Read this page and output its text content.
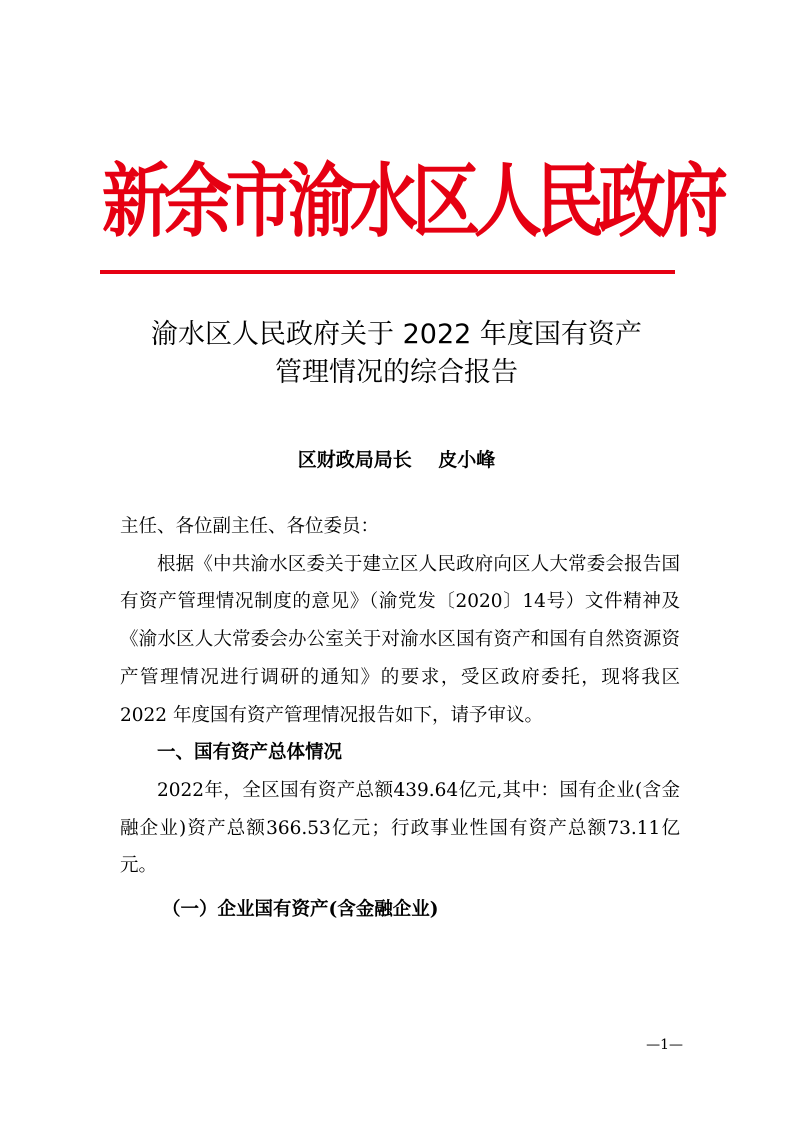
新余市渝水区人民政府
渝水区人民政府关于 2022 年度国有资产
管理情况的综合报告
区财政局局长    皮小峰

主任、各位副主任、各位委员：

根据《中共渝水区委关于建立区人民政府向区人大常委会报告国有资产管理情况制度的意见》（渝党发〔2020〕14号）文件精神及《渝水区人大常委会办公室关于对渝水区国有资产和国有自然资源资产管理情况进行调研的通知》的要求，受区政府委托，现将我区 2022 年度国有资产管理情况报告如下，请予审议。

一、国有资产总体情况

2022年，全区国有资产总额439.64亿元,其中：国有企业(含金融企业)资产总额366.53亿元；行政事业性国有资产总额73.11亿元。

（一）企业国有资产(含金融企业)

—1—
